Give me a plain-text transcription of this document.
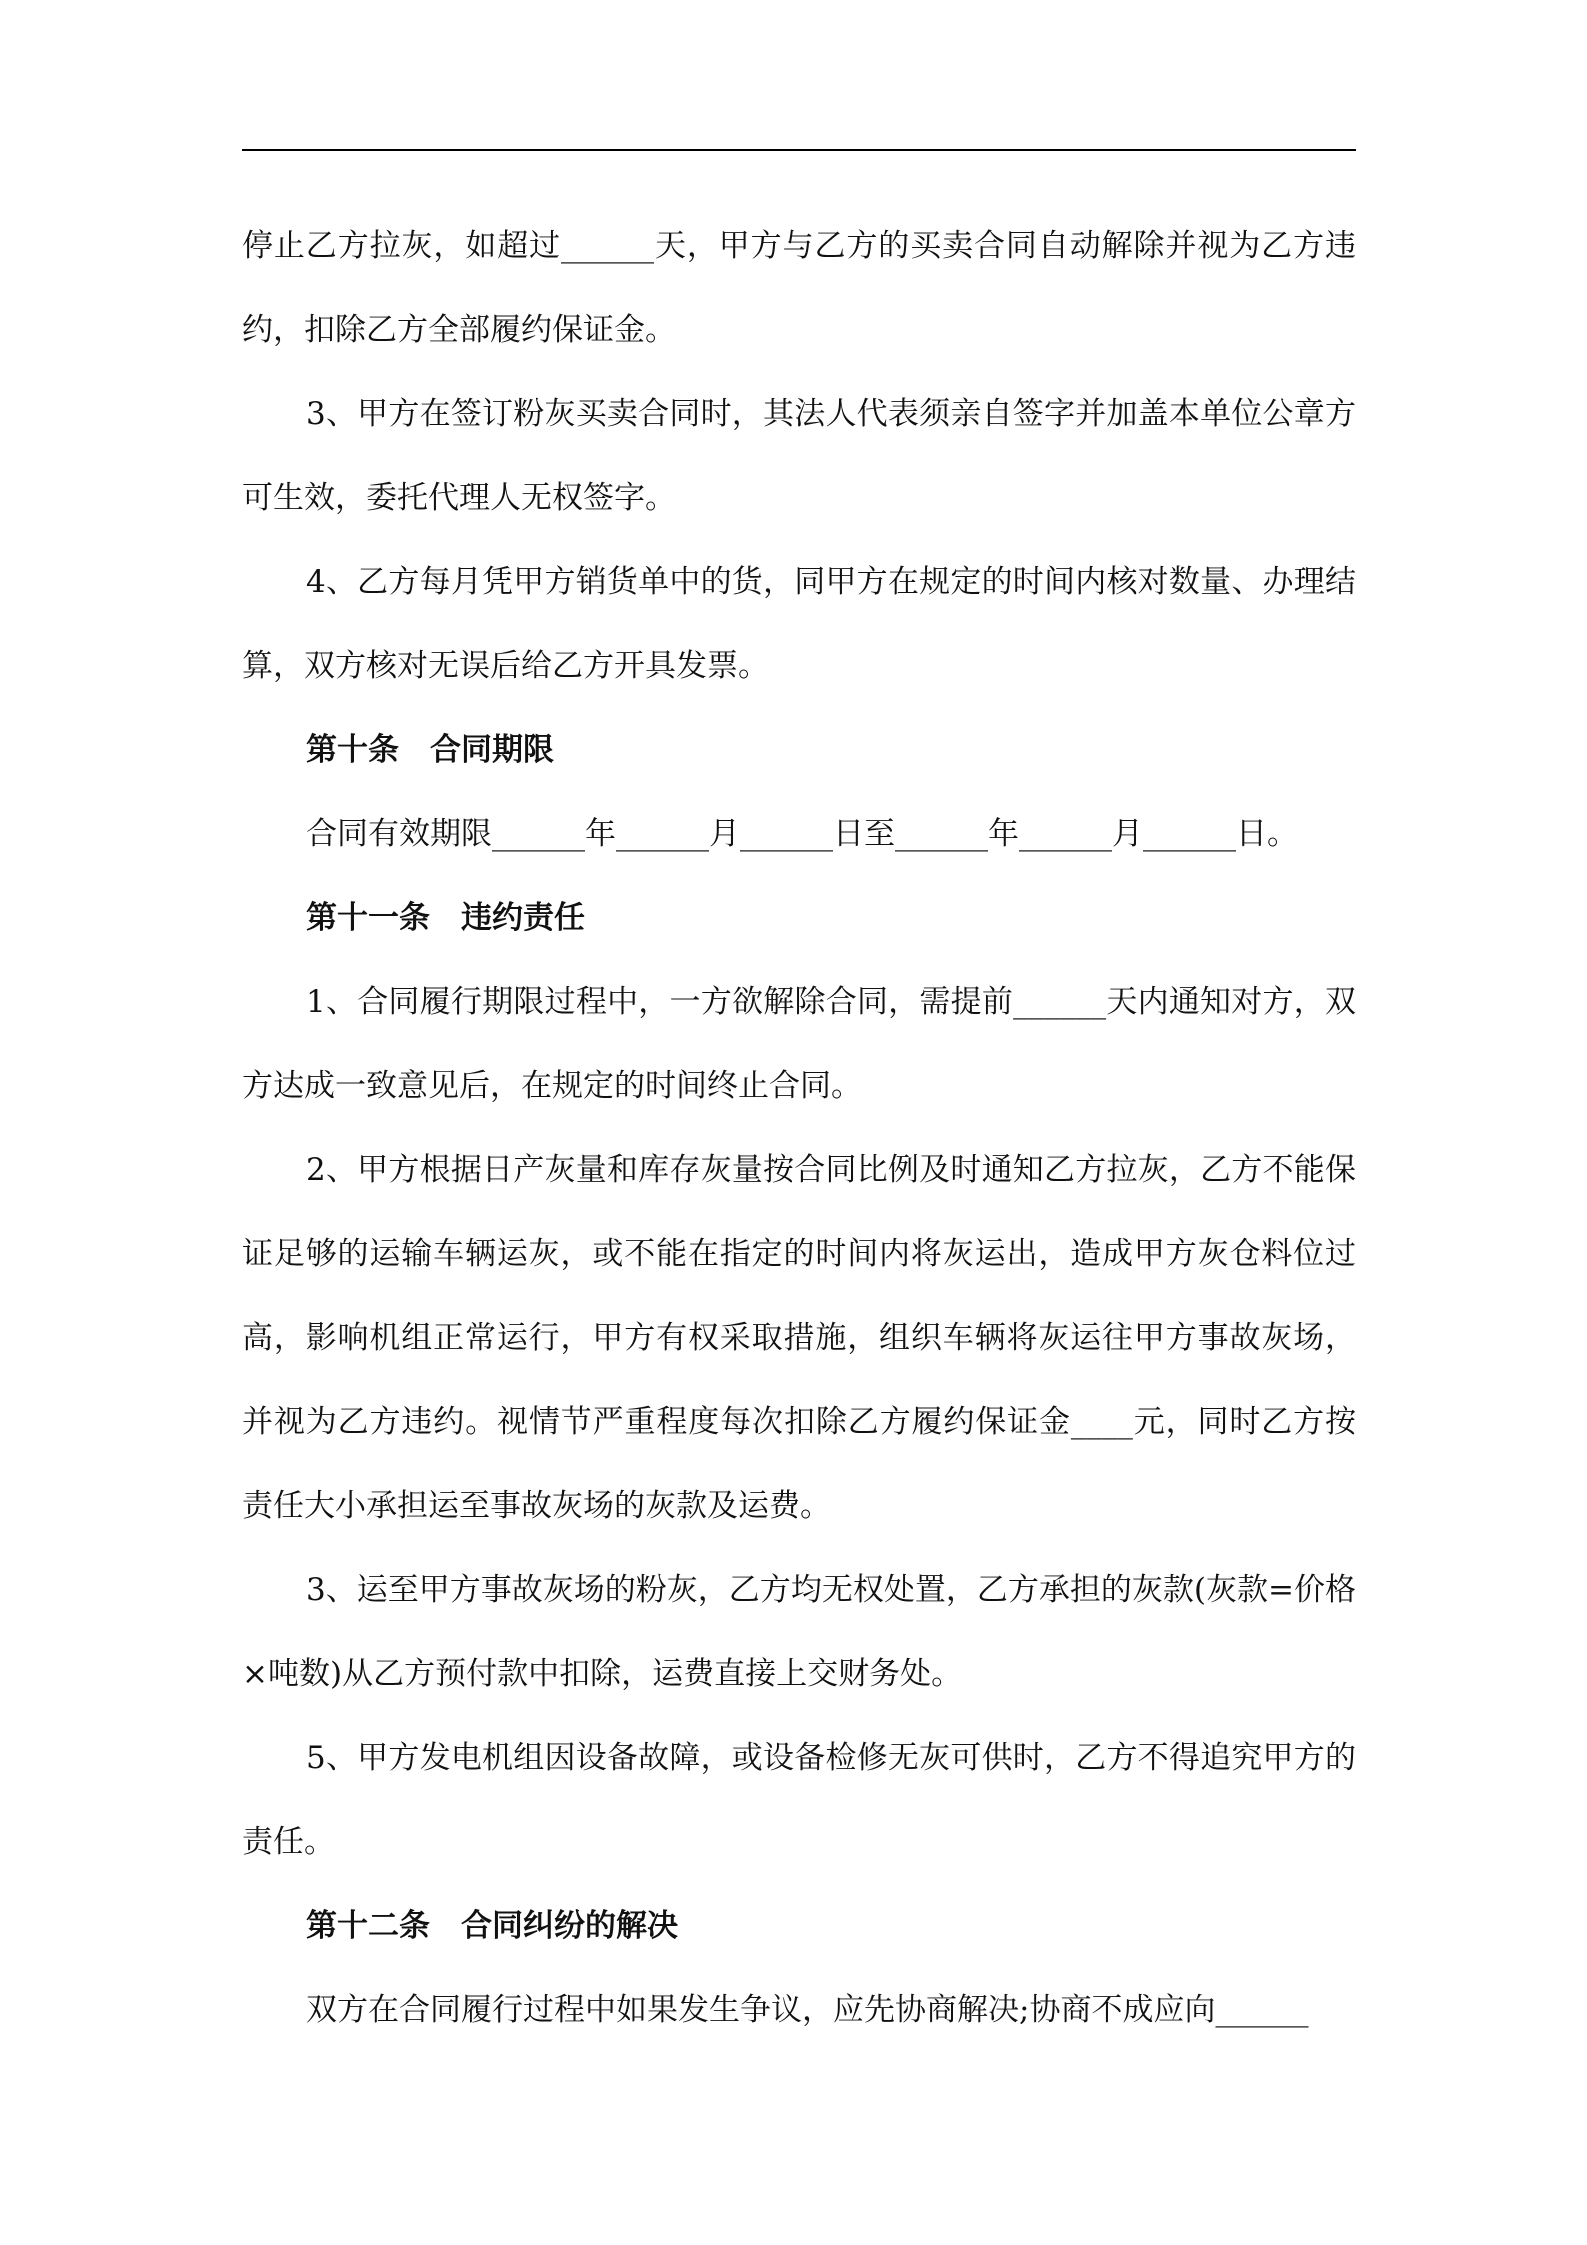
停止乙方拉灰，如超过______天，甲方与乙方的买卖合同自动解除并视为乙方违约，扣除乙方全部履约保证金。

3、甲方在签订粉灰买卖合同时，其法人代表须亲自签字并加盖本单位公章方可生效，委托代理人无权签字。

4、乙方每月凭甲方销货单中的货，同甲方在规定的时间内核对数量、办理结算，双方核对无误后给乙方开具发票。

第十条　合同期限

合同有效期限______年______月______日至______年______月______日。

第十一条　违约责任

1、合同履行期限过程中，一方欲解除合同，需提前______天内通知对方，双方达成一致意见后，在规定的时间终止合同。

2、甲方根据日产灰量和库存灰量按合同比例及时通知乙方拉灰，乙方不能保证足够的运输车辆运灰，或不能在指定的时间内将灰运出，造成甲方灰仓料位过高，影响机组正常运行，甲方有权采取措施，组织车辆将灰运往甲方事故灰场，并视为乙方违约。视情节严重程度每次扣除乙方履约保证金____元，同时乙方按责任大小承担运至事故灰场的灰款及运费。

3、运至甲方事故灰场的粉灰，乙方均无权处置，乙方承担的灰款(灰款=价格×吨数)从乙方预付款中扣除，运费直接上交财务处。

5、甲方发电机组因设备故障，或设备检修无灰可供时，乙方不得追究甲方的责任。

第十二条　合同纠纷的解决

双方在合同履行过程中如果发生争议，应先协商解决;协商不成应向______
